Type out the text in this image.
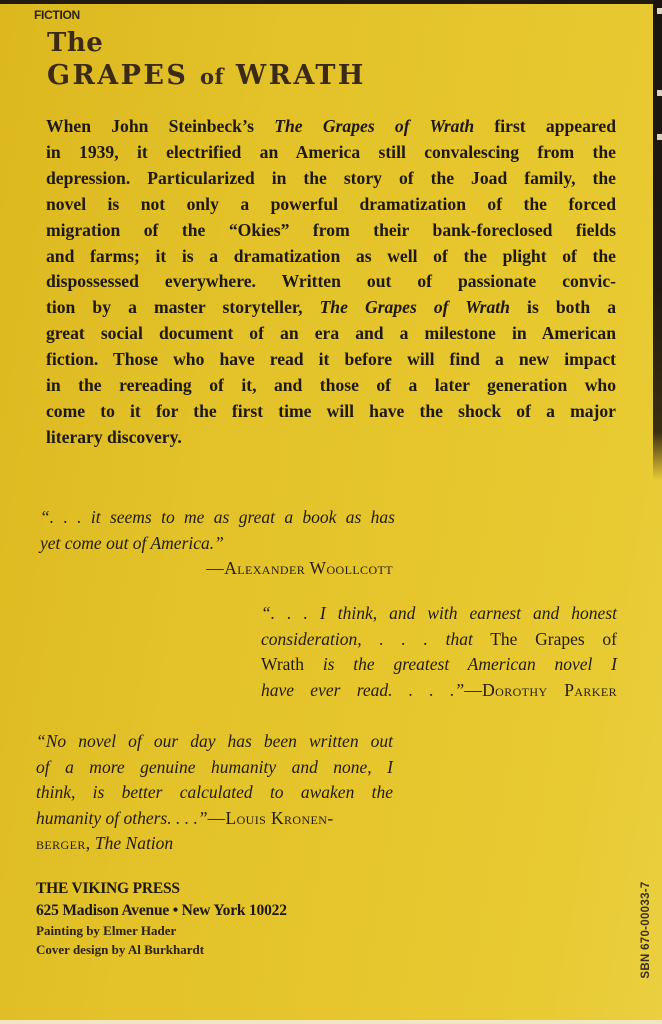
FICTION
The
GRAPES of WRATH
When John Steinbeck’s The Grapes of Wrath first appeared
in 1939, it electrified an America still convalescing from the
depression. Particularized in the story of the Joad family, the
novel is not only a powerful dramatization of the forced
migration of the “Okies” from their bank-foreclosed fields
and farms; it is a dramatization as well of the plight of the
dispossessed everywhere. Written out of passionate convic-
tion by a master storyteller, The Grapes of Wrath is both a
great social document of an era and a milestone in American
fiction. Those who have read it before will find a new impact
in the rereading of it, and those of a later generation who
come to it for the first time will have the shock of a major
literary discovery.
“. . . it seems to me as great a book as has
yet come out of America.”
—Alexander Woollcott
“. . . I think, and with earnest and honest
consideration, . . . that The Grapes of
Wrath is the greatest American novel I
have ever read. . . .”—Dorothy Parker
“No novel of our day has been written out
of a more genuine humanity and none, I
think, is better calculated to awaken the
humanity of others. . . .”—Louis Kronen-
berger, The Nation
THE VIKING PRESS
625 Madison Avenue • New York 10022
Painting by Elmer Hader
Cover design by Al Burkhardt	SBN 670-00033-7
